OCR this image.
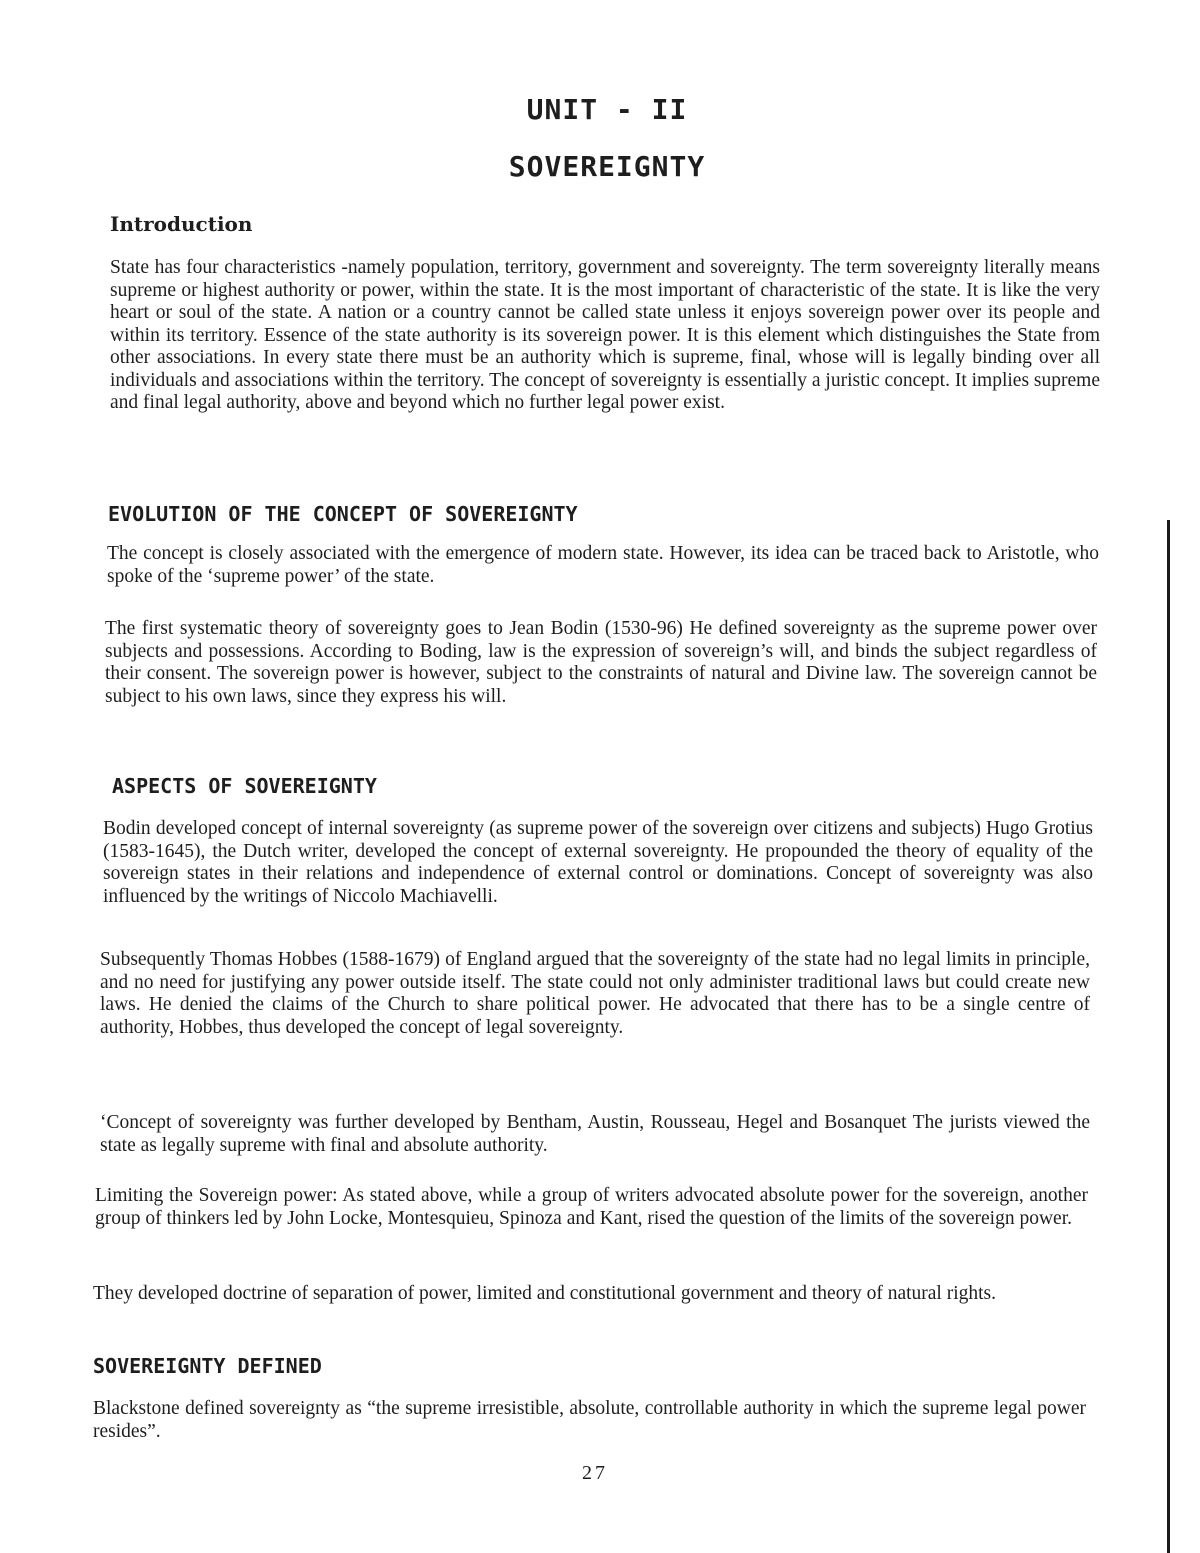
UNIT - II
SOVEREIGNTY
Introduction

State has four characteristics -namely population, territory, government and sovereignty. The term sovereignty literally means supreme or highest authority or power, within the state. It is the most important of characteristic of the state. It is like the very heart or soul of the state. A nation or a country cannot be called state unless it enjoys sovereign power over its people and within its territory. Essence of the state authority is its sovereign power. It is this element which distinguishes the State from other associations. In every state there must be an authority which is supreme, final, whose will is legally binding over all individuals and associations within the territory. The concept of sovereignty is essentially a juristic concept. It implies supreme and final legal authority, above and beyond which no further legal power exist.

EVOLUTION OF THE CONCEPT OF SOVEREIGNTY

The concept is closely associated with the emergence of modern state. However, its idea can be traced back to Aristotle, who spoke of the ‘supreme power’ of the state.

The first systematic theory of sovereignty goes to Jean Bodin (1530-96) He defined sovereignty as the supreme power over subjects and possessions. According to Boding, law is the expression of sovereign’s will, and binds the subject regardless of their consent. The sovereign power is however, subject to the constraints of natural and Divine law. The sovereign cannot be subject to his own laws, since they express his will.

ASPECTS OF SOVEREIGNTY

Bodin developed concept of internal sovereignty (as supreme power of the sovereign over citizens and subjects) Hugo Grotius (1583-1645), the Dutch writer, developed the concept of external sovereignty. He propounded the theory of equality of the sovereign states in their relations and independence of external control or dominations. Concept of sovereignty was also influenced by the writings of Niccolo Machiavelli.

Subsequently Thomas Hobbes (1588-1679) of England argued that the sovereignty of the state had no legal limits in principle, and no need for justifying any power outside itself. The state could not only administer traditional laws but could create new laws. He denied the claims of the Church to share political power. He advocated that there has to be a single centre of authority, Hobbes, thus developed the concept of legal sovereignty.

‘Concept of sovereignty was further developed by Bentham, Austin, Rousseau, Hegel and Bosanquet The jurists viewed the state as legally supreme with final and absolute authority.

Limiting the Sovereign power: As stated above, while a group of writers advocated absolute power for the sovereign, another group of thinkers led by John Locke, Montesquieu, Spinoza and Kant, rised the question of the limits of the sovereign power.

They developed doctrine of separation of power, limited and constitutional government and theory of natural rights.

SOVEREIGNTY DEFINED

Blackstone defined sovereignty as “the supreme irresistible, absolute, controllable authority in which the supreme legal power resides”.

27
